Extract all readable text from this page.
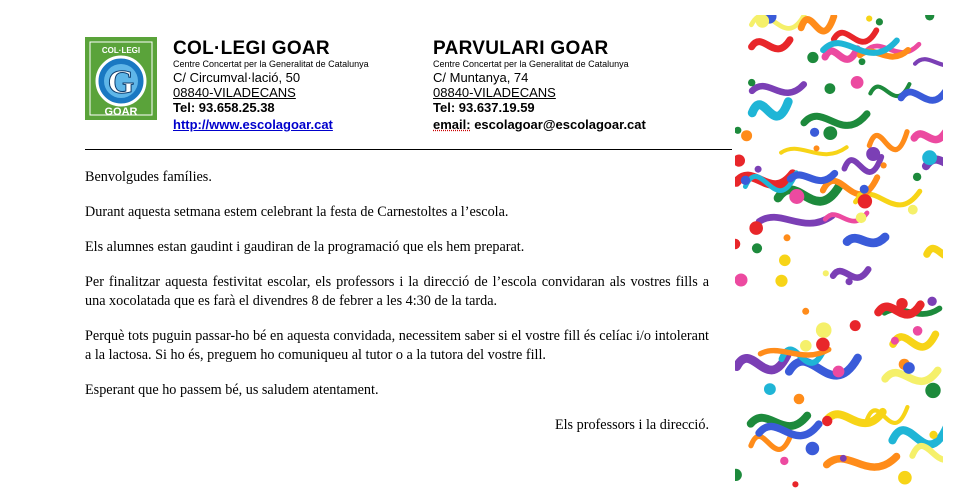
COL·LEGI
G
GOAR
COL·LEGI GOAR
Centre Concertat per la Generalitat de Catalunya
C/ Circumval·lació, 50
08840-VILADECANS
Tel: 93.658.25.38
http://www.escolagoar.cat
PARVULARI GOAR
Centre Concertat per la Generalitat de Catalunya
C/ Muntanya, 74
08840-VILADECANS
Tel: 93.637.19.59
email: escolagoar@escolagoar.cat

Benvolgudes famílies.

Durant aquesta setmana estem celebrant la festa de Carnestoltes a l’escola.

Els alumnes estan gaudint i gaudiran de la programació que els hem preparat.

Per finalitzar aquesta festivitat escolar, els professors i la direcció de l’escola convidaran als vostres fills a una xocolatada que es farà el divendres 8 de febrer a les 4:30 de la tarda.

Perquè tots puguin passar-ho bé en aquesta convidada, necessitem saber si el vostre fill és celíac i/o intolerant a la lactosa. Si ho és, preguem ho comuniqueu al tutor o a la tutora del vostre fill.

Esperant que ho passem bé, us saludem atentament.

Els professors i la direcció.
